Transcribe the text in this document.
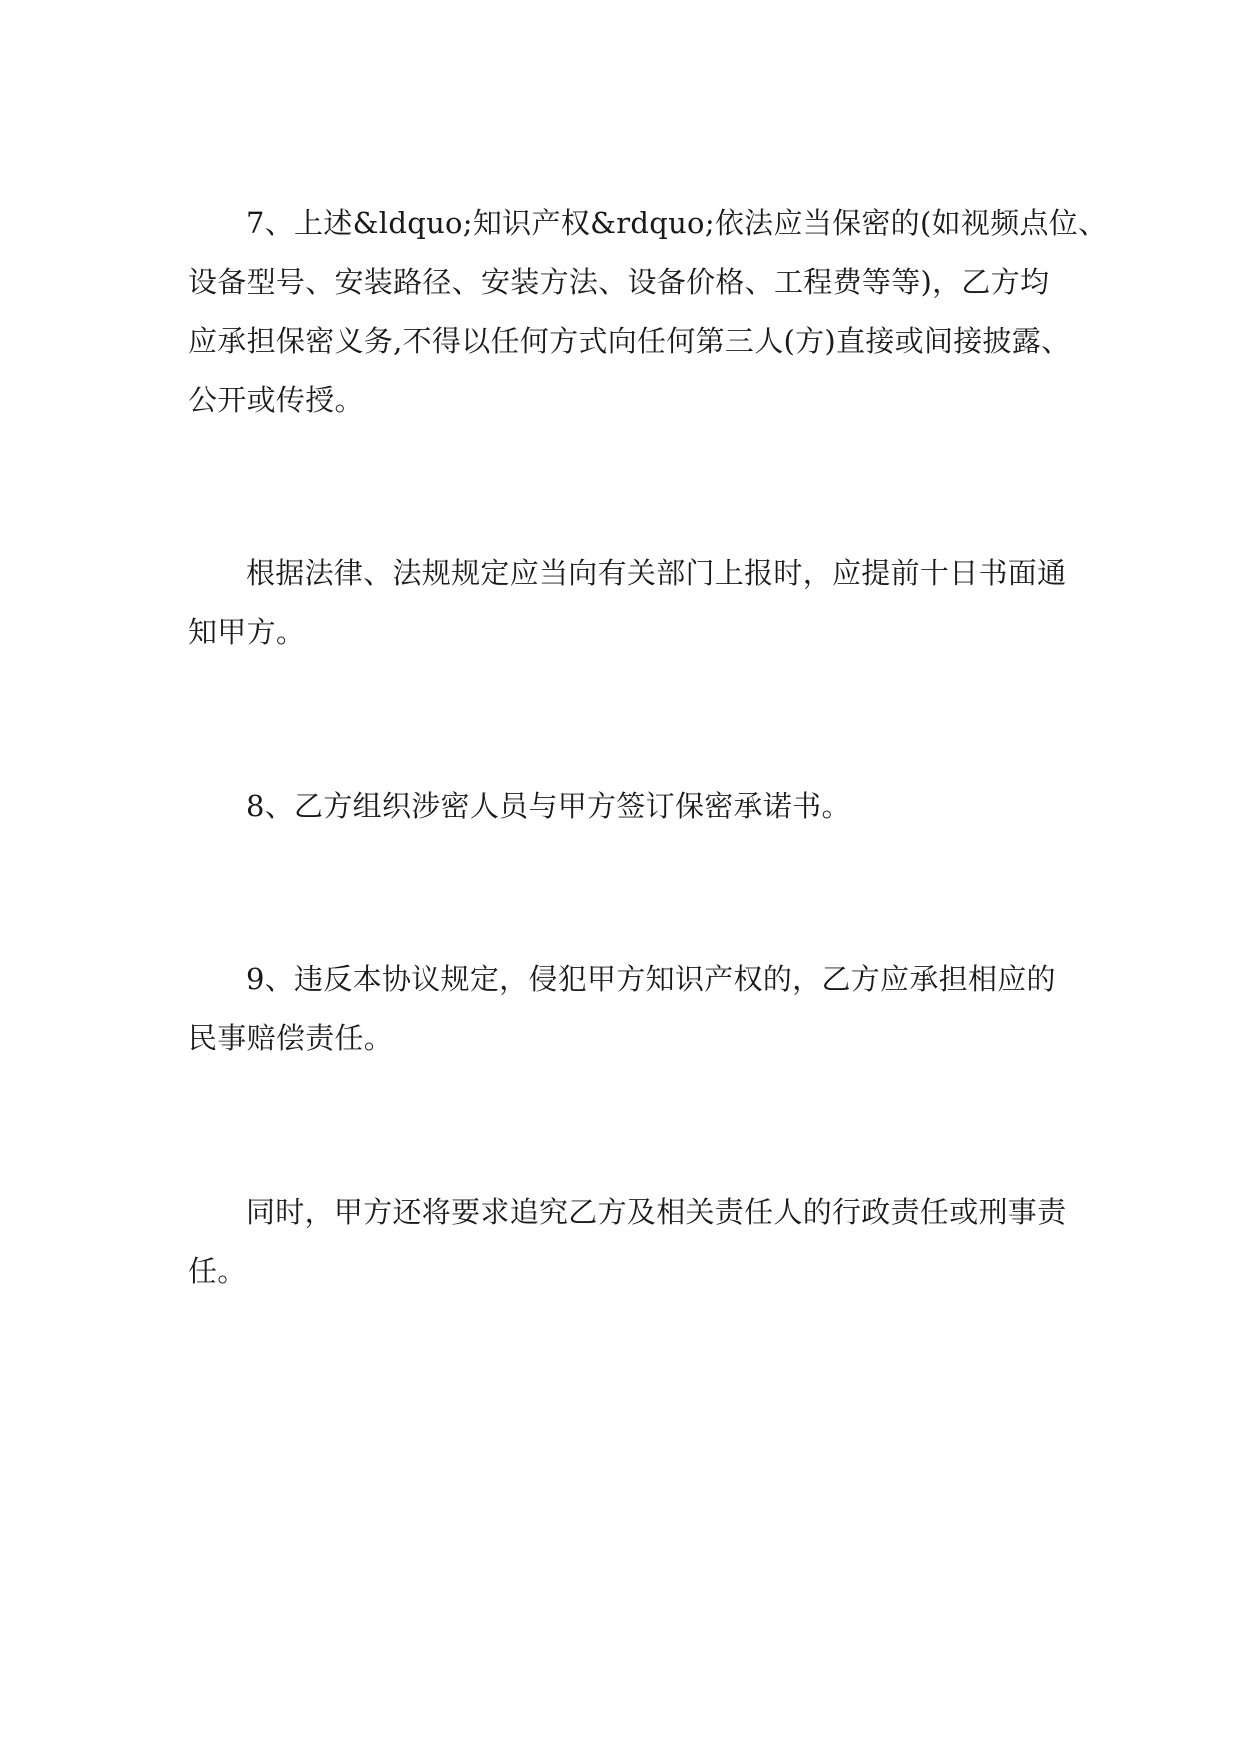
7、上述&ldquo;知识产权&rdquo;依法应当保密的(如视频点位、
设备型号、安装路径、安装方法、设备价格、工程费等等)，乙方均
应承担保密义务,不得以任何方式向任何第三人(方)直接或间接披露、
公开或传授。
根据法律、法规规定应当向有关部门上报时，应提前十日书面通
知甲方。
8、乙方组织涉密人员与甲方签订保密承诺书。
9、违反本协议规定，侵犯甲方知识产权的，乙方应承担相应的
民事赔偿责任。
同时，甲方还将要求追究乙方及相关责任人的行政责任或刑事责
任。
